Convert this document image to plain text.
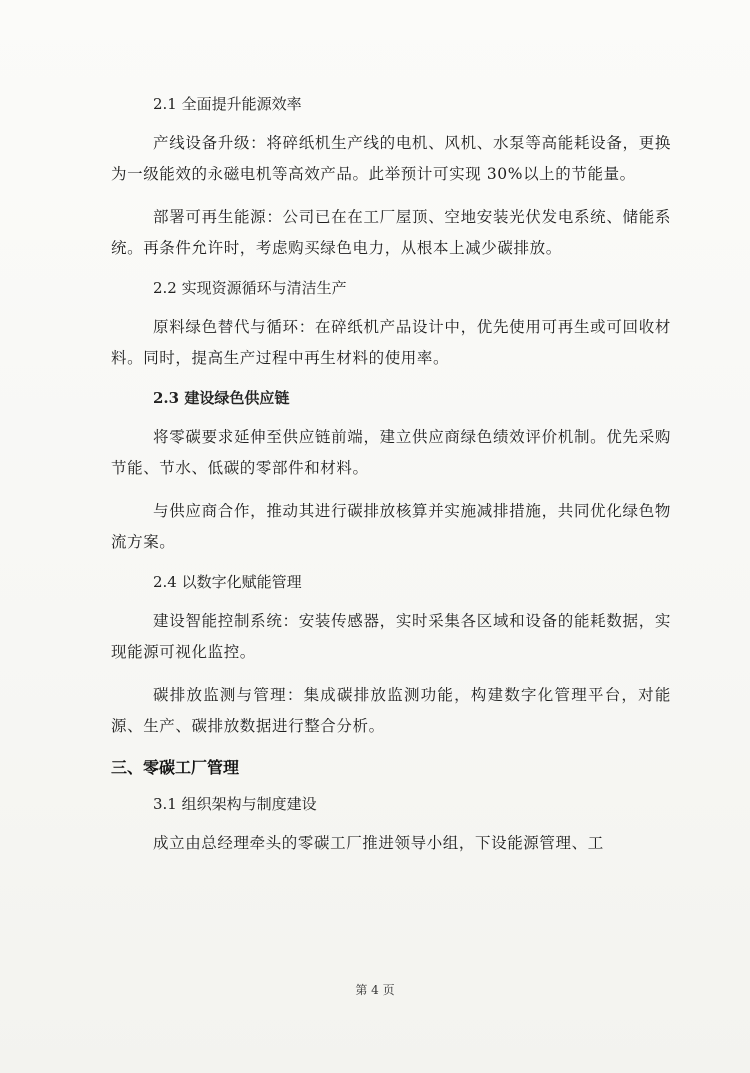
2.1 全面提升能源效率

产线设备升级：将碎纸机生产线的电机、风机、水泵等高能耗设备，更换为一级能效的永磁电机等高效产品。此举预计可实现 30%以上的节能量。

部署可再生能源：公司已在在工厂屋顶、空地安装光伏发电系统、储能系统。再条件允许时，考虑购买绿色电力，从根本上减少碳排放。

2.2 实现资源循环与清洁生产

原料绿色替代与循环：在碎纸机产品设计中，优先使用可再生或可回收材料。同时，提高生产过程中再生材料的使用率。

2.3 建设绿色供应链

将零碳要求延伸至供应链前端，建立供应商绿色绩效评价机制。优先采购节能、节水、低碳的零部件和材料。

与供应商合作，推动其进行碳排放核算并实施减排措施，共同优化绿色物流方案。

2.4 以数字化赋能管理

建设智能控制系统：安装传感器，实时采集各区域和设备的能耗数据，实现能源可视化监控。

碳排放监测与管理：集成碳排放监测功能，构建数字化管理平台，对能源、生产、碳排放数据进行整合分析。

三、零碳工厂管理

3.1 组织架构与制度建设

成立由总经理牵头的零碳工厂推进领导小组，下设能源管理、工

第 4 页
